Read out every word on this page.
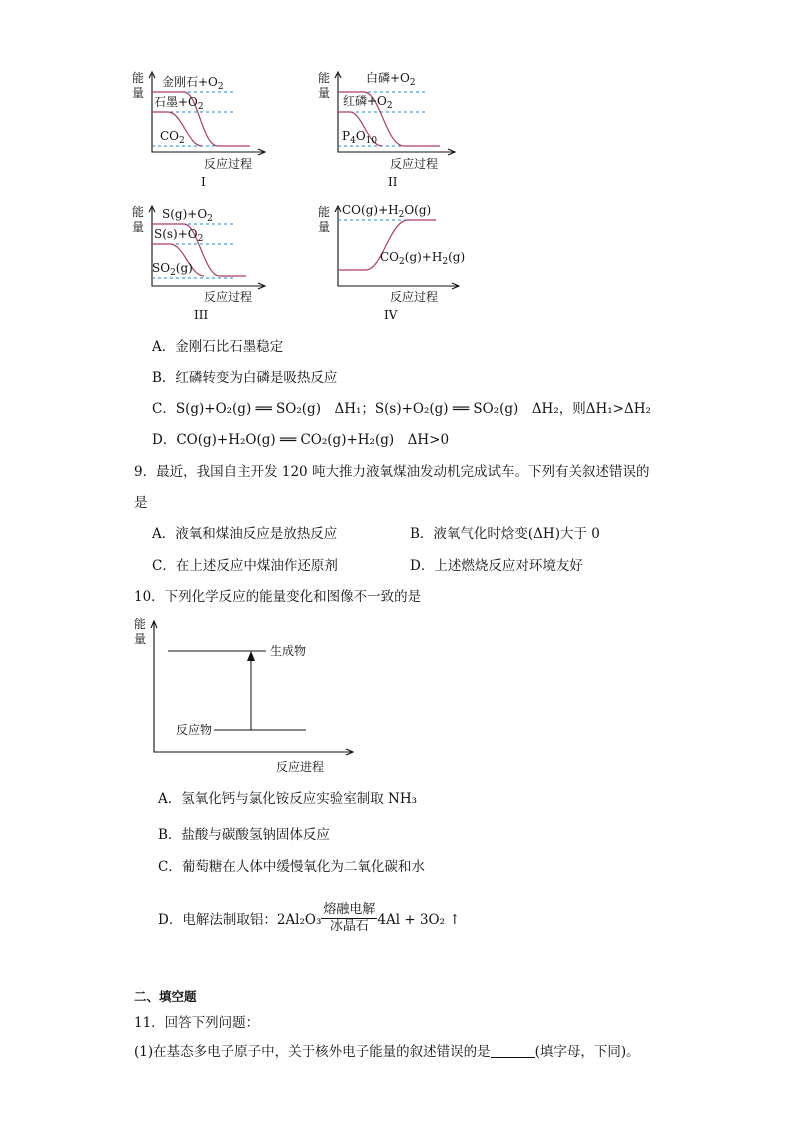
能
量
金刚石$+O_2$
石墨$+O_2$
$CO_2$
反应过程
I
能
量
白磷$+O_2$
红磷$+O_2$
$P_4O_{10}$
反应过程
II
能
量
$S(g)+O_2$
$S(s)+O_2$
$SO_2(g)$
反应过程
III
能
量
$CO(g)+H_2O(g)$
$CO_2(g)+H_2(g)$
反应过程
IV
A．金刚石比石墨稳定
B．红磷转变为白磷是吸热反应
C．S(g)+O₂(g) ══ SO₂(g)　ΔH₁；S(s)+O₂(g) ══ SO₂(g)　ΔH₂，则ΔH₁>ΔH₂
D．CO(g)+H₂O(g) ══ CO₂(g)+H₂(g)　ΔH>0
9．最近，我国自主开发 120 吨大推力液氧煤油发动机完成试车。下列有关叙述错误的
是
A．液氧和煤油反应是放热反应	B．液氧气化时焓变(ΔH)大于 0
C．在上述反应中煤油作还原剂	D．上述燃烧反应对环境友好
10．下列化学反应的能量变化和图像不一致的是
能
量
生成物
反应物
反应进程
A．氢氧化钙与氯化铵反应实验室制取 NH₃
B．盐酸与碳酸氢钠固体反应
C．葡萄糖在人体中缓慢氧化为二氧化碳和水
D．电解法制取铝：$2Al_2O_3 \frac{\text{熔融电解}}{\text{冰晶石}} 4Al + 3O_2$ ↑
二、填空题
11．回答下列问题：
(1)在基态多电子原子中，关于核外电子能量的叙述错误的是	(填字母，下同)。
